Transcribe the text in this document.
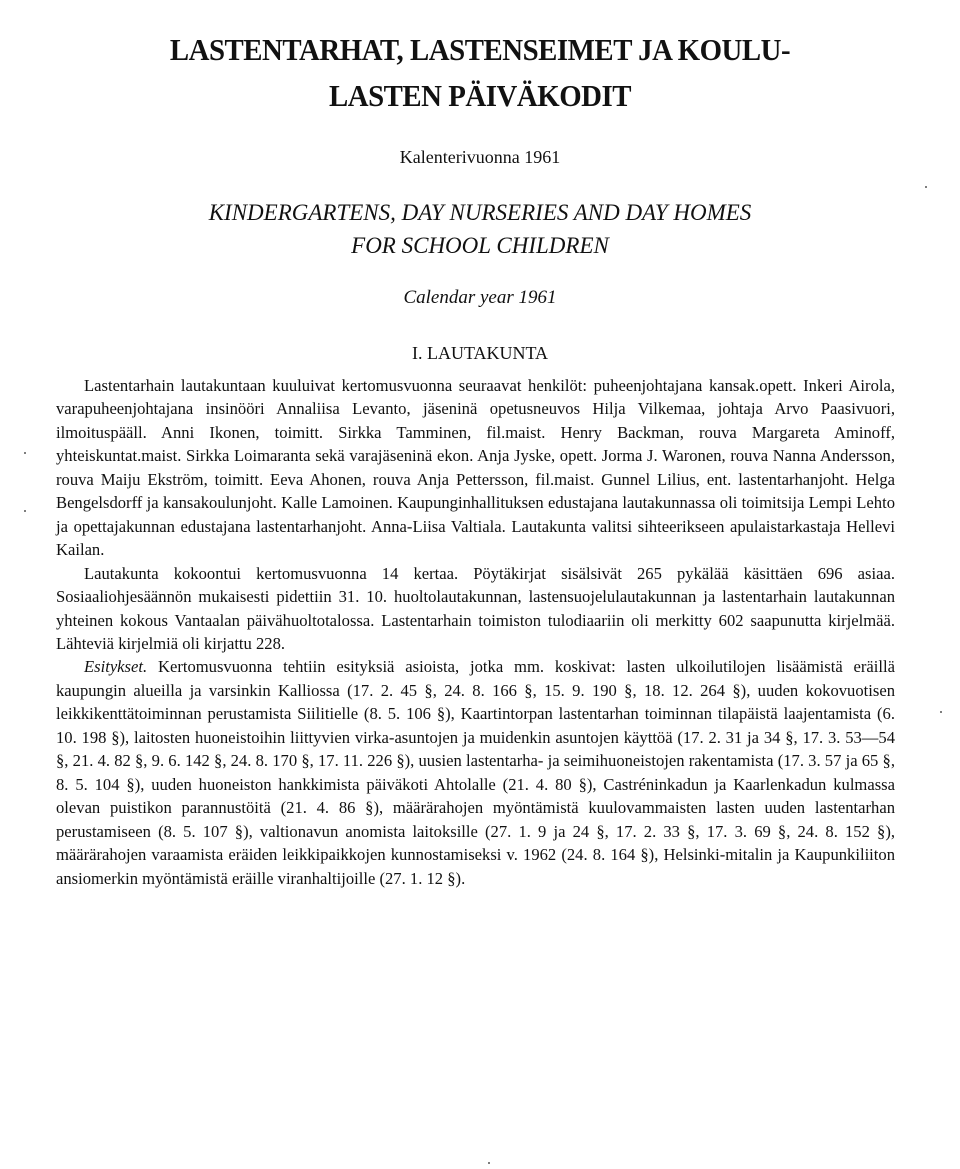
LASTENTARHAT, LASTENSEIMET JA KOULU-
LASTEN PÄIVÄKODIT
Kalenterivuonna 1961
KINDERGARTENS, DAY NURSERIES AND DAY HOMES
FOR SCHOOL CHILDREN
Calendar year 1961
I. LAUTAKUNTA

Lastentarhain lautakuntaan kuuluivat kertomusvuonna seuraavat henkilöt: puheenjohtajana kansak.opett. Inkeri Airola, varapuheenjohtajana insinööri Annaliisa Levanto, jäseninä opetusneuvos Hilja Vilkemaa, johtaja Arvo Paasivuori, ilmoituspääll. Anni Ikonen, toimitt. Sirkka Tamminen, fil.maist. Henry Backman, rouva Margareta Aminoff, yhteiskuntat.maist. Sirkka Loimaranta sekä varajäseninä ekon. Anja Jyske, opett. Jorma J. Waronen, rouva Nanna Andersson, rouva Maiju Ekström, toimitt. Eeva Ahonen, rouva Anja Pettersson, fil.maist. Gunnel Lilius, ent. lastentarhanjoht. Helga Bengelsdorff ja kansakoulunjoht. Kalle Lamoinen. Kaupunginhallituksen edustajana lautakunnassa oli toimitsija Lempi Lehto ja opettajakunnan edustajana lastentarhanjoht. Anna-Liisa Valtiala. Lautakunta valitsi sihteerikseen apulaistarkastaja Hellevi Kailan.

Lautakunta kokoontui kertomusvuonna 14 kertaa. Pöytäkirjat sisälsivät 265 pykälää käsittäen 696 asiaa. Sosiaaliohjesäännön mukaisesti pidettiin 31. 10. huoltolautakunnan, lastensuojelulautakunnan ja lastentarhain lautakunnan yhteinen kokous Vantaalan päivähuoltotalossa. Lastentarhain toimiston tulodiaariin oli merkitty 602 saapunutta kirjelmää. Lähteviä kirjelmiä oli kirjattu 228.

Esitykset. Kertomusvuonna tehtiin esityksiä asioista, jotka mm. koskivat: lasten ulkoilutilojen lisäämistä eräillä kaupungin alueilla ja varsinkin Kalliossa (17. 2. 45 §, 24. 8. 166 §, 15. 9. 190 §, 18. 12. 264 §), uuden kokovuotisen leikkikenttätoiminnan perustamista Siilitielle (8. 5. 106 §), Kaartintorpan lastentarhan toiminnan tilapäistä laajentamista (6. 10. 198 §), laitosten huoneistoihin liittyvien virka-asuntojen ja muidenkin asuntojen käyttöä (17. 2. 31 ja 34 §, 17. 3. 53—54 §, 21. 4. 82 §, 9. 6. 142 §, 24. 8. 170 §, 17. 11. 226 §), uusien lastentarha- ja seimihuoneistojen rakentamista (17. 3. 57 ja 65 §, 8. 5. 104 §), uuden huoneiston hankkimista päiväkoti Ahtolalle (21. 4. 80 §), Castréninkadun ja Kaarlenkadun kulmassa olevan puistikon parannustöitä (21. 4. 86 §), määrärahojen myöntämistä kuulovammaisten lasten uuden lastentarhan perustamiseen (8. 5. 107 §), valtionavun anomista laitoksille (27. 1. 9 ja 24 §, 17. 2. 33 §, 17. 3. 69 §, 24. 8. 152 §), määrärahojen varaamista eräiden leikkipaikkojen kunnostamiseksi v. 1962 (24. 8. 164 §), Helsinki-mitalin ja Kaupunkiliiton ansiomerkin myöntämistä eräille viranhaltijoille (27. 1. 12 §).
